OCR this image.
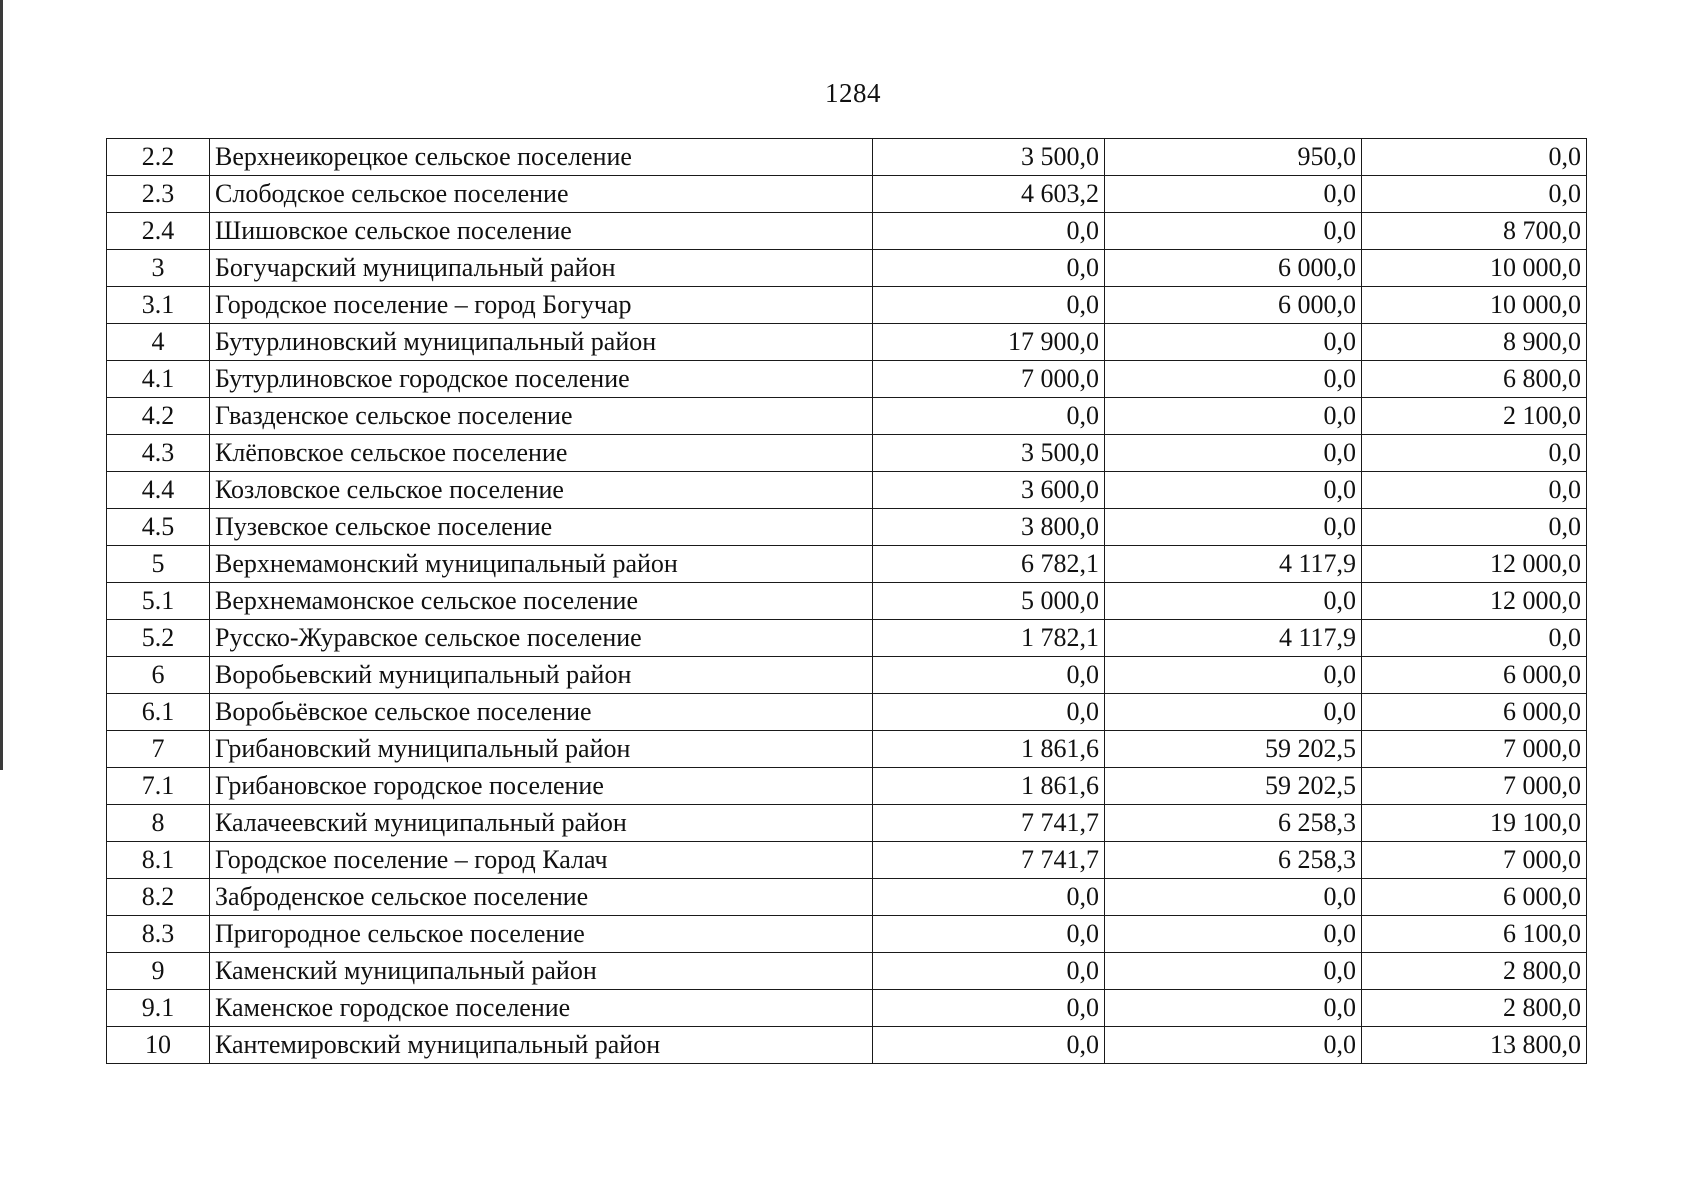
1284
2.2	Верхнеикорецкое сельское поселение	3 500,0	950,0	0,0
2.3	Слободское сельское поселение	4 603,2	0,0	0,0
2.4	Шишовское сельское поселение	0,0	0,0	8 700,0
3	Богучарский муниципальный район	0,0	6 000,0	10 000,0
3.1	Городское поселение – город Богучар	0,0	6 000,0	10 000,0
4	Бутурлиновский муниципальный район	17 900,0	0,0	8 900,0
4.1	Бутурлиновское городское поселение	7 000,0	0,0	6 800,0
4.2	Гвазденское сельское поселение	0,0	0,0	2 100,0
4.3	Клёповское сельское поселение	3 500,0	0,0	0,0
4.4	Козловское сельское поселение	3 600,0	0,0	0,0
4.5	Пузевское сельское поселение	3 800,0	0,0	0,0
5	Верхнемамонский муниципальный район	6 782,1	4 117,9	12 000,0
5.1	Верхнемамонское сельское поселение	5 000,0	0,0	12 000,0
5.2	Русско-Журавское сельское поселение	1 782,1	4 117,9	0,0
6	Воробьевский муниципальный район	0,0	0,0	6 000,0
6.1	Воробьёвское сельское поселение	0,0	0,0	6 000,0
7	Грибановский муниципальный район	1 861,6	59 202,5	7 000,0
7.1	Грибановское городское поселение	1 861,6	59 202,5	7 000,0
8	Калачеевский муниципальный район	7 741,7	6 258,3	19 100,0
8.1	Городское поселение – город Калач	7 741,7	6 258,3	7 000,0
8.2	Заброденское сельское поселение	0,0	0,0	6 000,0
8.3	Пригородное сельское поселение	0,0	0,0	6 100,0
9	Каменский муниципальный район	0,0	0,0	2 800,0
9.1	Каменское городское поселение	0,0	0,0	2 800,0
10	Кантемировский муниципальный район	0,0	0,0	13 800,0
